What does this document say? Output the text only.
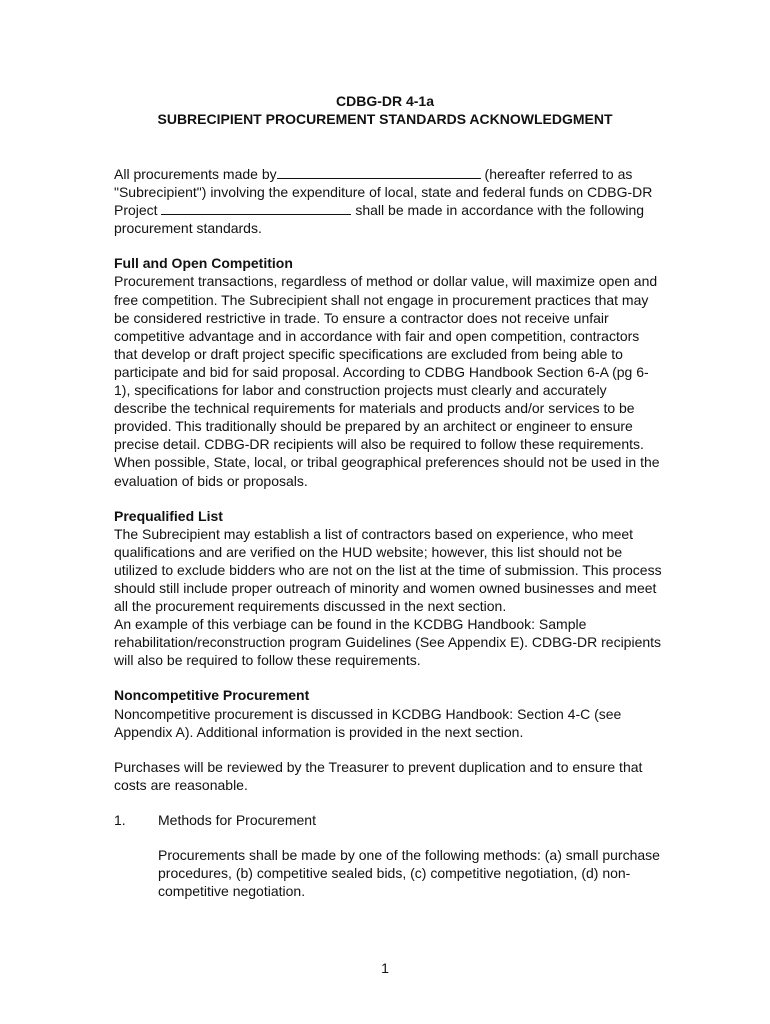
CDBG-DR 4-1a
SUBRECIPIENT PROCUREMENT STANDARDS ACKNOWLEDGMENT

All procurements made by	(hereafter referred to as "Subrecipient") involving the expenditure of local, state and federal funds on CDBG-DR Project	shall be made in accordance with the following procurement standards.

Full and Open Competition

Procurement transactions, regardless of method or dollar value, will maximize open and free competition. The Subrecipient shall not engage in procurement practices that may be considered restrictive in trade. To ensure a contractor does not receive unfair competitive advantage and in accordance with fair and open competition, contractors that develop or draft project specific specifications are excluded from being able to participate and bid for said proposal. According to CDBG Handbook Section 6-A (pg 6-1), specifications for labor and construction projects must clearly and accurately describe the technical requirements for materials and products and/or services to be provided. This traditionally should be prepared by an architect or engineer to ensure precise detail. CDBG-DR recipients will also be required to follow these requirements. When possible, State, local, or tribal geographical preferences should not be used in the evaluation of bids or proposals.

Prequalified List

The Subrecipient may establish a list of contractors based on experience, who meet qualifications and are verified on the HUD website; however, this list should not be utilized to exclude bidders who are not on the list at the time of submission. This process should still include proper outreach of minority and women owned businesses and meet all the procurement requirements discussed in the next section.

An example of this verbiage can be found in the KCDBG Handbook: Sample rehabilitation/reconstruction program Guidelines (See Appendix E). CDBG-DR recipients will also be required to follow these requirements.

Noncompetitive Procurement

Noncompetitive procurement is discussed in KCDBG Handbook: Section 4-C (see Appendix A). Additional information is provided in the next section.

Purchases will be reviewed by the Treasurer to prevent duplication and to ensure that costs are reasonable.

1.	Methods for Procurement

Procurements shall be made by one of the following methods: (a) small purchase procedures, (b) competitive sealed bids, (c) competitive negotiation, (d) non-competitive negotiation.

1
